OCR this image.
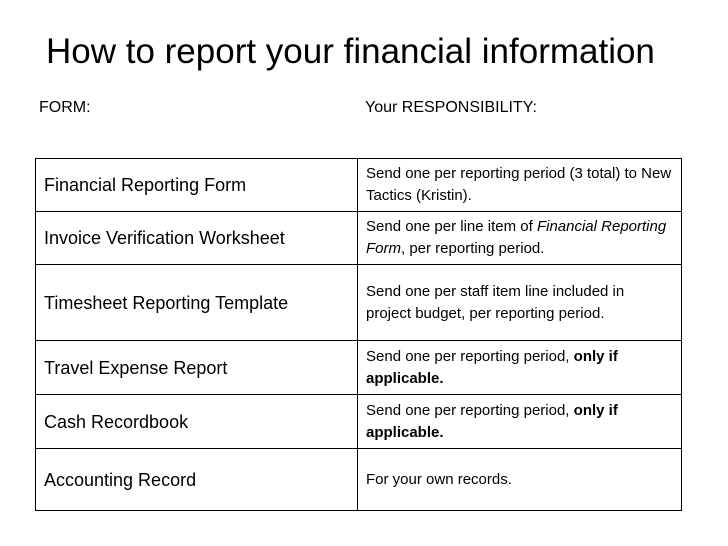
How to report your financial information
FORM:	Your RESPONSIBILITY:
Financial Reporting Form	Send one per reporting period (3 total) to New Tactics (Kristin).
Invoice Verification Worksheet	Send one per line item of Financial Reporting Form, per reporting period.
Timesheet Reporting Template	Send one per staff item line included in project budget, per reporting period.
Travel Expense Report	Send one per reporting period, only if applicable.
Cash Recordbook	Send one per reporting period, only if applicable.
Accounting Record	For your own records.
